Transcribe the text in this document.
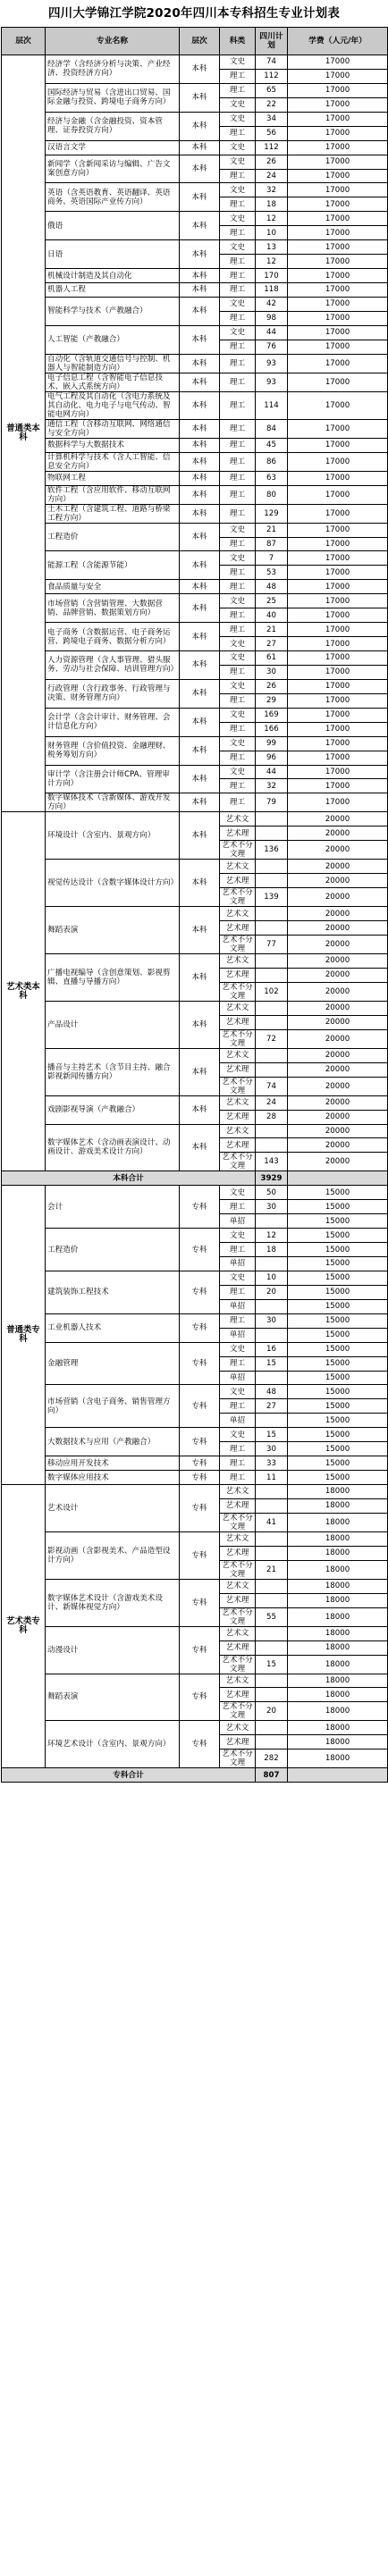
四川大学锦江学院2020年四川本专科招生专业计划表
层次	专业名称	层次	科类	四川计划	学费（人元/年）
普通类本科	经济学（含经济分析与决策、产业经济、投资经济方向）	本科	文史	74	17000
			理工	112	17000
	国际经济与贸易（含进出口贸易、国际金融与投资、跨境电子商务方向）	本科	理工	65	17000
			文史	22	17000
	经济与金融（含金融投资、资本管理、证券投资方向）	本科	文史	34	17000
			理工	56	17000
	汉语言文学	本科	文史	112	17000
	新闻学（含新闻采访与编辑、广告文案创意方向）	本科	文史	26	17000
			理工	24	17000
	英语（含英语教育、英语翻译、英语商务、英语国际产业传方向）	本科	文史	32	17000
			理工	18	17000
	俄语	本科	文史	12	17000
			理工	10	17000
	日语	本科	文史	13	17000
			理工	12	17000
	机械设计制造及其自动化	本科	理工	170	17000
	机器人工程	本科	理工	118	17000
	智能科学与技术（产教融合）	本科	文史	42	17000
			理工	98	17000
	人工智能（产教融合）	本科	文史	44	17000
			理工	76	17000
	自动化（含轨道交通信号与控制、机器人与智能制造方向）	本科	理工	93	17000
	电子信息工程（含智能电子信息技术、嵌入式系统方向）	本科	理工	93	17000
	电气工程及其自动化（含电力系统及其自动化、电力电子与电气传动、智能电网方向）	本科	理工	114	17000
	通信工程（含移动互联网、网络通信与安全方向）	本科	理工	84	17000
	数据科学与大数据技术	本科	理工	45	17000
	计算机科学与技术（含人工智能、信息安全方向）	本科	理工	86	17000
	物联网工程	本科	理工	63	17000
	软件工程（含应用软件、移动互联网方向）	本科	理工	80	17000
	土木工程（含建筑工程、道路与桥梁工程方向）	本科	理工	129	17000
	工程造价	本科	文史	21	17000
			理工	87	17000
	能源工程（含能源节能）	本科	文史	7	17000
			理工	53	17000
	食品质量与安全	本科	理工	48	17000
	市场营销（含营销管理、大数据营销、品牌营销、数据策划方向）	本科	文史	25	17000
			理工	40	17000
	电子商务（含数据运营、电子商务运营、跨境电子商务、数据分析方向）	本科	理工	21	17000
			文史	27	17000
	人力资源管理（含人事管理、猎头服务、劳动与社会保障、培训管理方向）	本科	文史	61	17000
			理工	30	17000
	行政管理（含行政事务、行政管理与决策、财务管理方向）	本科	文史	26	17000
			理工	29	17000
	会计学（含会计审计、财务管理、会计信息化方向）	本科	文史	169	17000
			理工	166	17000
	财务管理（含价值投资、金融理财、税务筹划方向）	本科	文史	99	17000
			理工	96	17000
	审计学（含注册会计师CPA、管理审计方向）	本科	文史	44	17000
			理工	32	17000
	数字媒体技术（含新媒体、游戏开发方向）	本科	理工	79	17000
艺术类本科	环境设计（含室内、景观方向）	本科	艺术文		20000
			艺术理		20000
			艺术不分文理	136	20000
	视觉传达设计（含数字媒体设计方向）	本科	艺术文		20000
			艺术理		20000
			艺术不分文理	139	20000
	舞蹈表演	本科	艺术文		20000
			艺术理		20000
			艺术不分文理	77	20000
	广播电视编导（含创意策划、影视剪辑、直播与导播方向）	本科	艺术文		20000
			艺术理		20000
			艺术不分文理	102	20000
	产品设计	本科	艺术文		20000
			艺术理		20000
			艺术不分文理	72	20000
	播音与主持艺术（含节目主持、融合影视新闻传播方向）	本科	艺术文		20000
			艺术理		20000
			艺术不分文理	74	20000
	戏剧影视导演（产教融合）	本科	艺术文	24	20000
			艺术理	28	20000
	数字媒体艺术（含动画表演设计、动画设计、游戏美术设计方向）	本科	艺术文		20000
			艺术理		20000
			艺术不分文理	143	20000
本科合计				3929	
普通类专科	会计	专科	文史	50	15000
			理工	30	15000
			单招		15000
	工程造价	专科	文史	12	15000
			理工	18	15000
			单招		15000
	建筑装饰工程技术	专科	文史	10	15000
			理工	20	15000
			单招		15000
	工业机器人技术	专科	理工	30	15000
			单招		15000
	金融管理	专科	文史	16	15000
			理工	15	15000
			单招		15000
	市场营销（含电子商务、销售管理方向）	专科	文史	48	15000
			理工	27	15000
			单招		15000
	大数据技术与应用（产教融合）	专科	文史	15	15000
			理工	30	15000
	移动应用开发技术	专科	理工	33	15000
	数字媒体应用技术	专科	理工	11	15000
艺术类专科	艺术设计	专科	艺术文		18000
			艺术理		18000
			艺术不分文理	41	18000
	影视动画（含影视美术、产品造型设计方向）	专科	艺术文		18000
			艺术理		18000
			艺术不分文理	21	18000
	数字媒体艺术设计（含游戏美术设计、新媒体视觉方向）	专科	艺术文		18000
			艺术理		18000
			艺术不分文理	55	18000
	动漫设计	专科	艺术文		18000
			艺术理		18000
			艺术不分文理	15	18000
	舞蹈表演	专科	艺术文		18000
			艺术理		18000
			艺术不分文理	20	18000
	环境艺术设计（含室内、景观方向）	专科	艺术文		18000
			艺术理		18000
			艺术不分文理	282	18000
专科合计				807	
